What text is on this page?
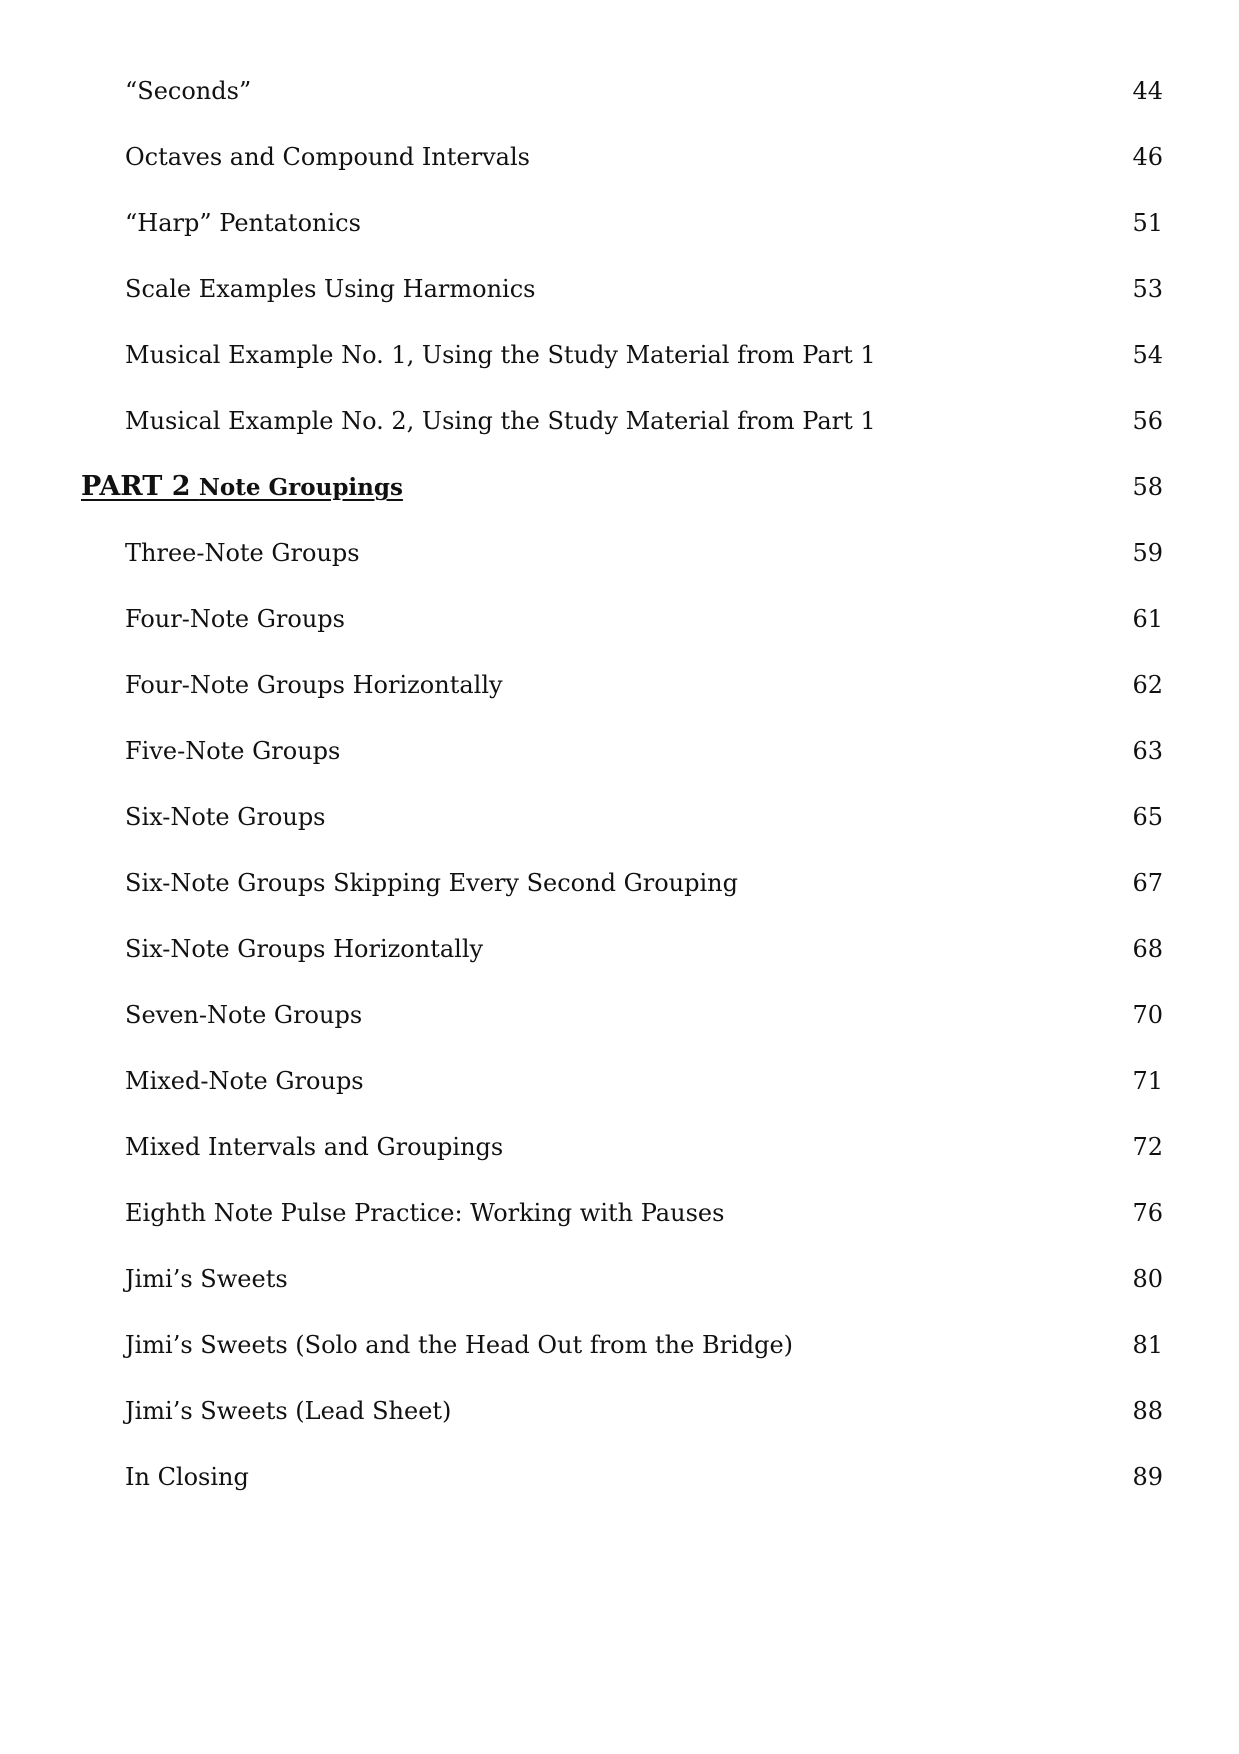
“Seconds”	44
Octaves and Compound Intervals	46
“Harp” Pentatonics	51
Scale Examples Using Harmonics	53
Musical Example No. 1, Using the Study Material from Part 1	54
Musical Example No. 2, Using the Study Material from Part 1	56
PART 2 Note Groupings	58
Three-Note Groups	59
Four-Note Groups	61
Four-Note Groups Horizontally	62
Five-Note Groups	63
Six-Note Groups	65
Six-Note Groups Skipping Every Second Grouping	67
Six-Note Groups Horizontally	68
Seven-Note Groups	70
Mixed-Note Groups	71
Mixed Intervals and Groupings	72
Eighth Note Pulse Practice: Working with Pauses	76
Jimi’s Sweets	80
Jimi’s Sweets (Solo and the Head Out from the Bridge)	81
Jimi’s Sweets (Lead Sheet)	88
In Closing	89
